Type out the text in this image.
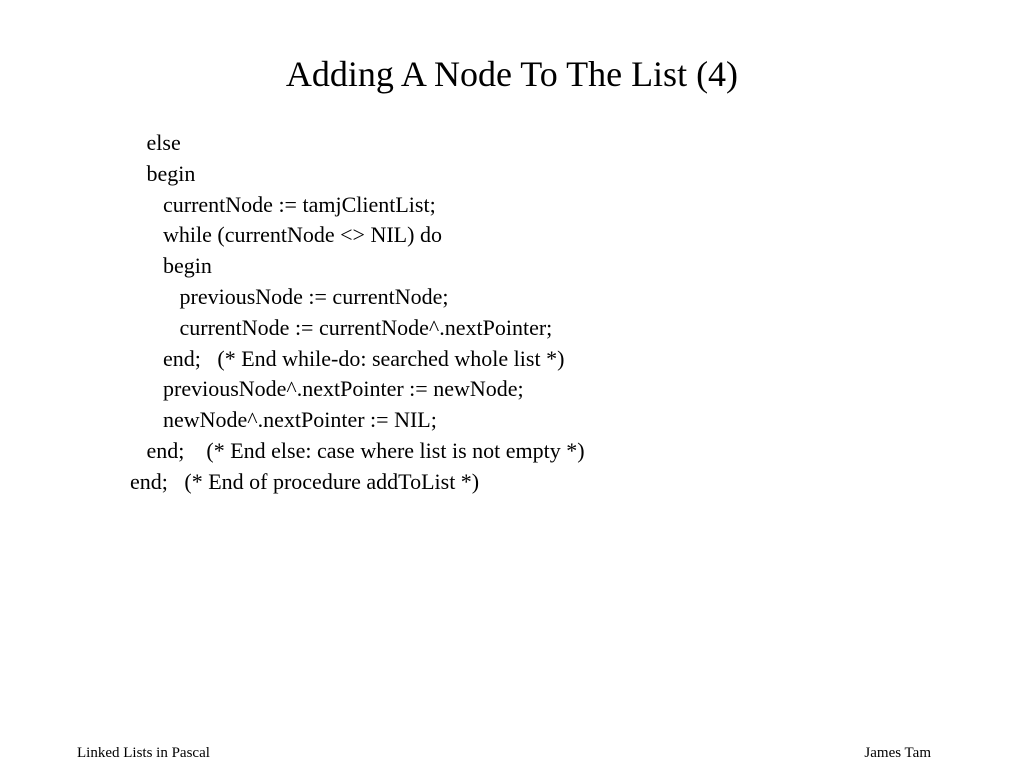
Adding A Node To The List (4)
else
begin
currentNode := tamjClientList;
while (currentNode <> NIL) do
begin
previousNode := currentNode;
currentNode := currentNode^.nextPointer;
end;   (* End while-do: searched whole list *)
previousNode^.nextPointer := newNode;
newNode^.nextPointer := NIL;
end;    (* End else: case where list is not empty *)
end;   (* End of procedure addToList *)
Linked Lists in Pascal	James Tam
